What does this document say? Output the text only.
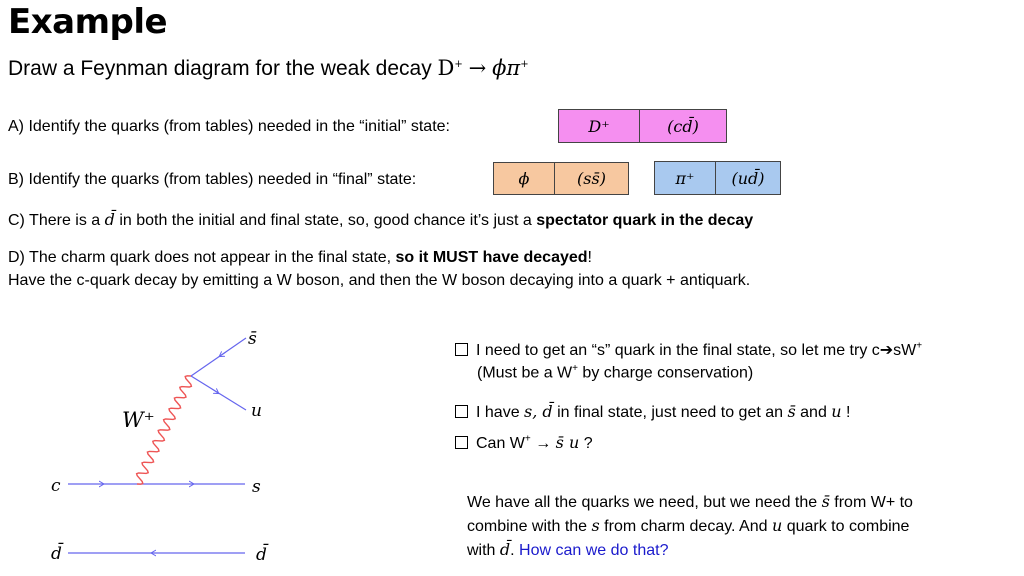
Example
Draw a Feynman diagram for the weak decay D+ → ϕπ+
A) Identify the quarks (from tables) needed in the “initial” state:	D⁺	(cd̄)
B) Identify the quarks (from tables) needed in “final” state:	ϕ	(ss̄)	π⁺	(ud̄)
C) There is a d̄ in both the initial and final state, so, good chance it’s just a spectator quark in the decay
D) The charm quark does not appear in the final state, so it MUST have decayed!
Have the c-quark decay by emitting a W boson, and then the W boson decaying into a quark + antiquark.
s̄
u
W⁺
c	s
d̄	d̄
I need to get an “s” quark in the final state, so let me try c➔sW+
(Must be a W+ by charge conservation)
I have s, d̄ in final state, just need to get an s̄ and u !
Can W+ → s̄ u ?
We have all the quarks we need, but we need the s̄ from W+ to
combine with the s from charm decay. And u quark to combine
with d̄. How can we do that?
